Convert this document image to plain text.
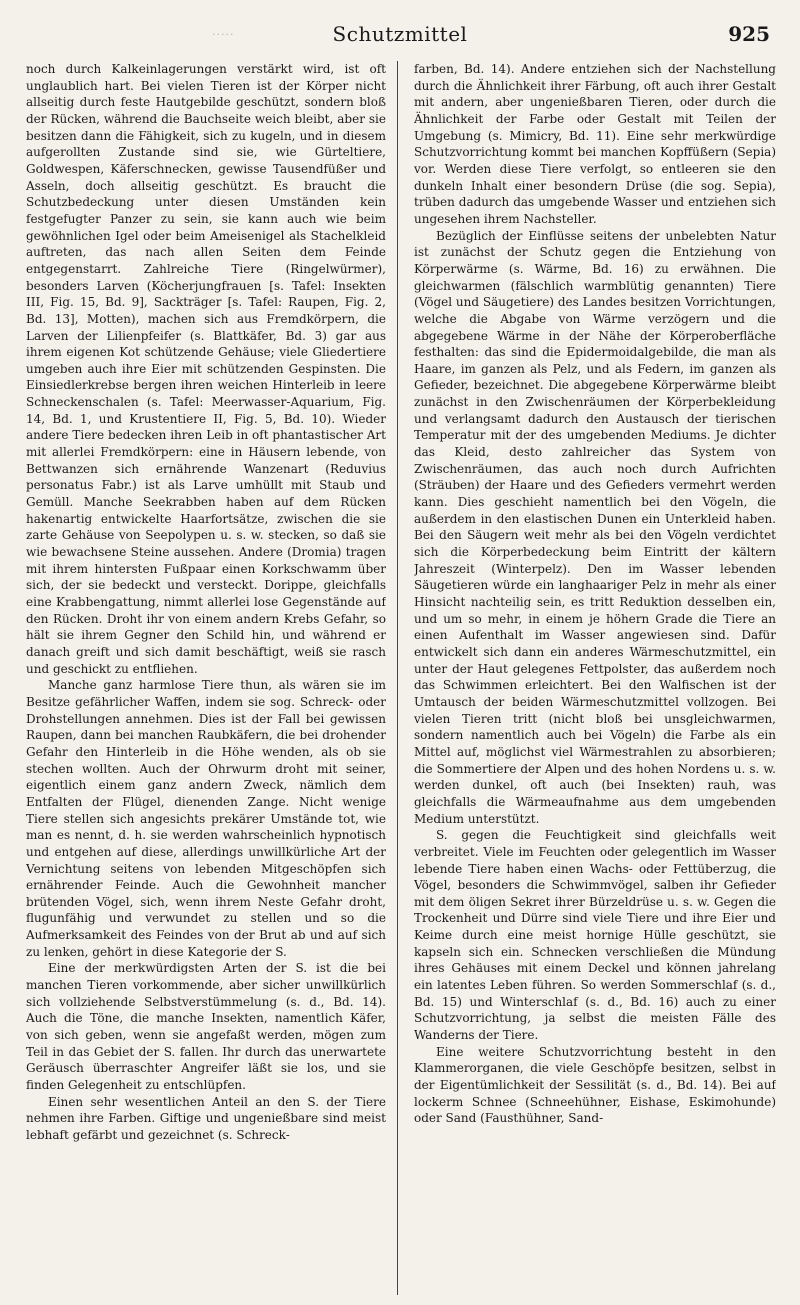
·····	Schutzmittel	925

noch durch Kalkeinlagerungen verstärkt wird, ist oft unglaublich hart. Bei vielen Tieren ist der Körper nicht allseitig durch feste Hautgebilde geschützt, sondern bloß der Rücken, während die Bauchseite weich bleibt, aber sie besitzen dann die Fähigkeit, sich zu kugeln, und in diesem aufgerollten Zustande sind sie, wie Gürteltiere, Goldwespen, Käferschnecken, gewisse Tausendfüßer und Asseln, doch allseitig geschützt. Es braucht die Schutzbedeckung unter diesen Umständen kein festgefugter Panzer zu sein, sie kann auch wie beim gewöhnlichen Igel oder beim Ameisenigel als Stachelkleid auftreten, das nach allen Seiten dem Feinde entgegenstarrt. Zahlreiche Tiere (Ringelwürmer), besonders Larven (Köcherjungfrauen [s. Tafel: Insekten III, Fig. 15, Bd. 9], Sackträger [s. Tafel: Raupen, Fig. 2, Bd. 13], Motten), machen sich aus Fremdkörpern, die Larven der Lilienpfeifer (s. Blattkäfer, Bd. 3) gar aus ihrem eigenen Kot schützende Gehäuse; viele Gliedertiere umgeben auch ihre Eier mit schützenden Gespinsten. Die Einsiedlerkrebse bergen ihren weichen Hinterleib in leere Schneckenschalen (s. Tafel: Meerwasser-Aquarium, Fig. 14, Bd. 1, und Krustentiere II, Fig. 5, Bd. 10). Wieder andere Tiere bedecken ihren Leib in oft phantastischer Art mit allerlei Fremdkörpern: eine in Häusern lebende, von Bettwanzen sich ernährende Wanzenart (Reduvius personatus Fabr.) ist als Larve umhüllt mit Staub und Gemüll. Manche Seekrabben haben auf dem Rücken hakenartig entwickelte Haarfortsätze, zwischen die sie zarte Gehäuse von Seepolypen u. s. w. stecken, so daß sie wie bewachsene Steine aussehen. Andere (Dromia) tragen mit ihrem hintersten Fußpaar einen Korkschwamm über sich, der sie bedeckt und versteckt. Dorippe, gleichfalls eine Krabbengattung, nimmt allerlei lose Gegenstände auf den Rücken. Droht ihr von einem andern Krebs Gefahr, so hält sie ihrem Gegner den Schild hin, und während er danach greift und sich damit beschäftigt, weiß sie rasch und geschickt zu entfliehen.

Manche ganz harmlose Tiere thun, als wären sie im Besitze gefährlicher Waffen, indem sie sog. Schreck- oder Drohstellungen annehmen. Dies ist der Fall bei gewissen Raupen, dann bei manchen Raubkäfern, die bei drohender Gefahr den Hinterleib in die Höhe wenden, als ob sie stechen wollten. Auch der Ohrwurm droht mit seiner, eigentlich einem ganz andern Zweck, nämlich dem Entfalten der Flügel, dienenden Zange. Nicht wenige Tiere stellen sich angesichts prekärer Umstände tot, wie man es nennt, d. h. sie werden wahrscheinlich hypnotisch und entgehen auf diese, allerdings unwillkürliche Art der Vernichtung seitens von lebenden Mitgeschöpfen sich ernährender Feinde. Auch die Gewohnheit mancher brütenden Vögel, sich, wenn ihrem Neste Gefahr droht, flugunfähig und verwundet zu stellen und so die Aufmerksamkeit des Feindes von der Brut ab und auf sich zu lenken, gehört in diese Kategorie der S.

Eine der merkwürdigsten Arten der S. ist die bei manchen Tieren vorkommende, aber sicher unwillkürlich sich vollziehende Selbstverstümmelung (s. d., Bd. 14). Auch die Töne, die manche Insekten, namentlich Käfer, von sich geben, wenn sie angefaßt werden, mögen zum Teil in das Gebiet der S. fallen. Ihr durch das unerwartete Geräusch überraschter Angreifer läßt sie los, und sie finden Gelegenheit zu entschlüpfen.

Einen sehr wesentlichen Anteil an den S. der Tiere nehmen ihre Farben. Giftige und ungenießbare sind meist lebhaft gefärbt und gezeichnet (s. Schreck-

farben, Bd. 14). Andere entziehen sich der Nachstellung durch die Ähnlichkeit ihrer Färbung, oft auch ihrer Gestalt mit andern, aber ungenießbaren Tieren, oder durch die Ähnlichkeit der Farbe oder Gestalt mit Teilen der Umgebung (s. Mimicry, Bd. 11). Eine sehr merkwürdige Schutzvorrichtung kommt bei manchen Kopffüßern (Sepia) vor. Werden diese Tiere verfolgt, so entleeren sie den dunkeln Inhalt einer besondern Drüse (die sog. Sepia), trüben dadurch das umgebende Wasser und entziehen sich ungesehen ihrem Nachsteller.

Bezüglich der Einflüsse seitens der unbelebten Natur ist zunächst der Schutz gegen die Entziehung von Körperwärme (s. Wärme, Bd. 16) zu erwähnen. Die gleichwarmen (fälschlich warmblütig genannten) Tiere (Vögel und Säugetiere) des Landes besitzen Vorrichtungen, welche die Abgabe von Wärme verzögern und die abgegebene Wärme in der Nähe der Körperoberfläche festhalten: das sind die Epidermoidalgebilde, die man als Haare, im ganzen als Pelz, und als Federn, im ganzen als Gefieder, bezeichnet. Die abgegebene Körperwärme bleibt zunächst in den Zwischenräumen der Körperbekleidung und verlangsamt dadurch den Austausch der tierischen Temperatur mit der des umgebenden Mediums. Je dichter das Kleid, desto zahlreicher das System von Zwischenräumen, das auch noch durch Aufrichten (Sträuben) der Haare und des Gefieders vermehrt werden kann. Dies geschieht namentlich bei den Vögeln, die außerdem in den elastischen Dunen ein Unterkleid haben. Bei den Säugern weit mehr als bei den Vögeln verdichtet sich die Körperbedeckung beim Eintritt der kältern Jahreszeit (Winterpelz). Den im Wasser lebenden Säugetieren würde ein langhaariger Pelz in mehr als einer Hinsicht nachteilig sein, es tritt Reduktion desselben ein, und um so mehr, in einem je höhern Grade die Tiere an einen Aufenthalt im Wasser angewiesen sind. Dafür entwickelt sich dann ein anderes Wärmeschutzmittel, ein unter der Haut gelegenes Fettpolster, das außerdem noch das Schwimmen erleichtert. Bei den Walfischen ist der Umtausch der beiden Wärmeschutzmittel vollzogen. Bei vielen Tieren tritt (nicht bloß bei unsgleichwarmen, sondern namentlich auch bei Vögeln) die Farbe als ein Mittel auf, möglichst viel Wärmestrahlen zu absorbieren; die Sommertiere der Alpen und des hohen Nordens u. s. w. werden dunkel, oft auch (bei Insekten) rauh, was gleichfalls die Wärmeaufnahme aus dem umgebenden Medium unterstützt.

S. gegen die Feuchtigkeit sind gleichfalls weit verbreitet. Viele im Feuchten oder gelegentlich im Wasser lebende Tiere haben einen Wachs- oder Fettüberzug, die Vögel, besonders die Schwimmvögel, salben ihr Gefieder mit dem öligen Sekret ihrer Bürzeldrüse u. s. w. Gegen die Trockenheit und Dürre sind viele Tiere und ihre Eier und Keime durch eine meist hornige Hülle geschützt, sie kapseln sich ein. Schnecken verschließen die Mündung ihres Gehäuses mit einem Deckel und können jahrelang ein latentes Leben führen. So werden Sommerschlaf (s. d., Bd. 15) und Winterschlaf (s. d., Bd. 16) auch zu einer Schutzvorrichtung, ja selbst die meisten Fälle des Wanderns der Tiere.

Eine weitere Schutzvorrichtung besteht in den Klammerorganen, die viele Geschöpfe besitzen, selbst in der Eigentümlichkeit der Sessilität (s. d., Bd. 14). Bei auf lockerm Schnee (Schneehühner, Eishase, Eskimohunde) oder Sand (Fausthühner, Sand-
